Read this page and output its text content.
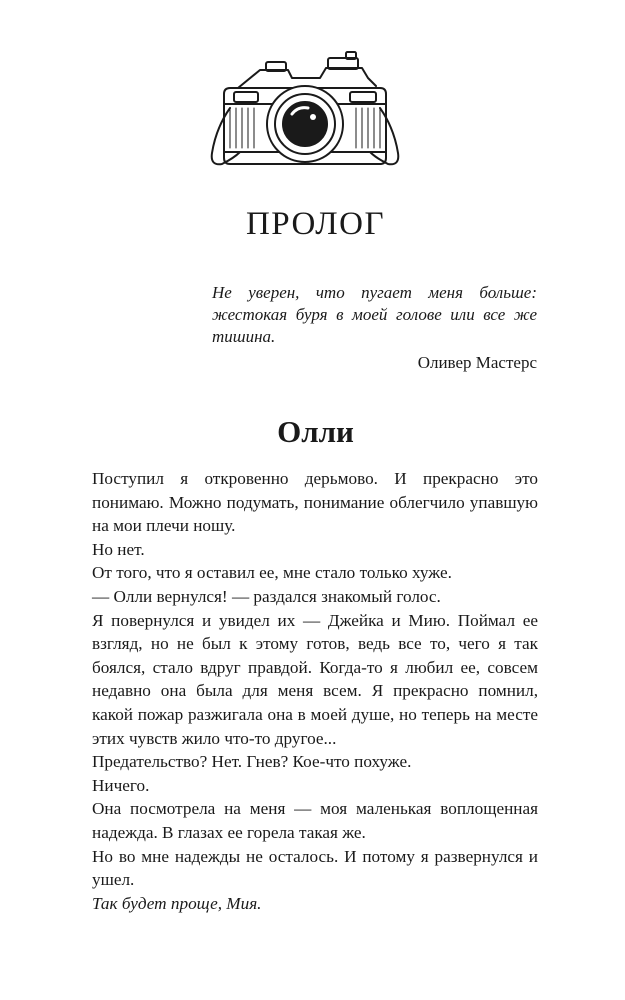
ПРОЛОГ
Не уверен, что пугает меня больше: жестокая буря в моей голове или все же тишина.
Оливер Мастерс
Олли

Поступил я откровенно дерьмово. И прекрасно это понимаю. Можно подумать, понимание облегчило упавшую на мои плечи ношу.

Но нет.

От того, что я оставил ее, мне стало только хуже.

— Олли вернулся! — раздался знакомый голос.

Я повернулся и увидел их — Джейка и Мию. Поймал ее взгляд, но не был к этому готов, ведь все то, чего я так боялся, стало вдруг правдой. Когда-то я любил ее, совсем недавно она была для меня всем. Я прекрасно помнил, какой пожар разжигала она в моей душе, но теперь на месте этих чувств жило что-то другое...

Предательство? Нет. Гнев? Кое-что похуже.

Ничего.

Она посмотрела на меня — моя маленькая воплощенная надежда. В глазах ее горела такая же.

Но во мне надежды не осталось. И потому я развернулся и ушел.

Так будет проще, Мия.
